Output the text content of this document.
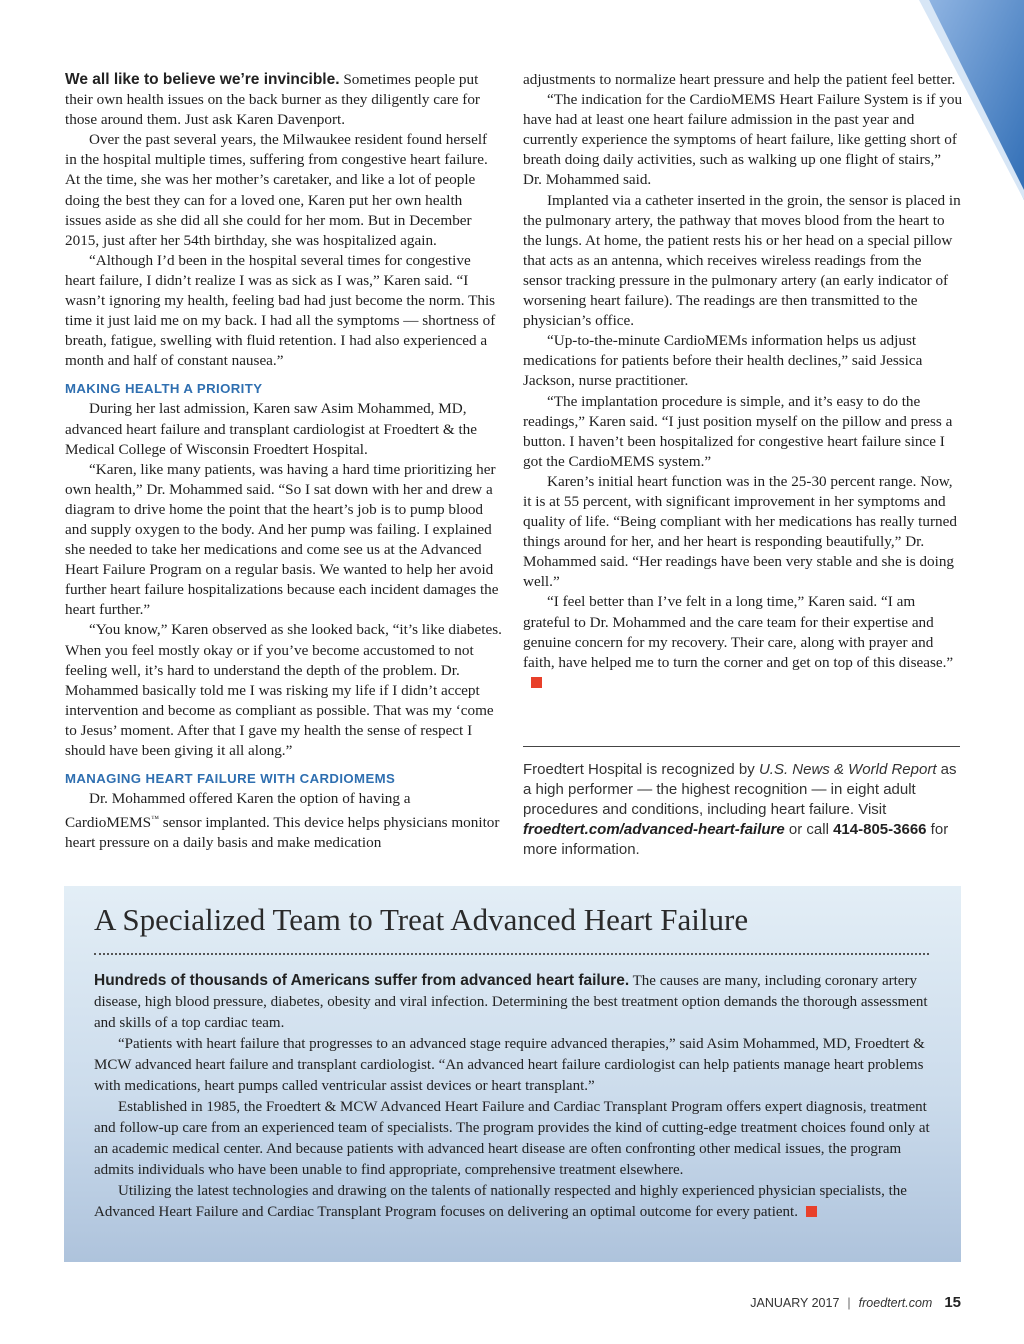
We all like to believe we’re invincible. Sometimes people put their own health issues on the back burner as they diligently care for those around them. Just ask Karen Davenport.

Over the past several years, the Milwaukee resident found herself in the hospital multiple times, suffering from congestive heart failure. At the time, she was her mother’s caretaker, and like a lot of people doing the best they can for a loved one, Karen put her own health issues aside as she did all she could for her mom. But in December 2015, just after her 54th birthday, she was hospitalized again.

“Although I’d been in the hospital several times for congestive heart failure, I didn’t realize I was as sick as I was,” Karen said. “I wasn’t ignoring my health, feeling bad had just become the norm. This time it just laid me on my back. I had all the symptoms — shortness of breath, fatigue, swelling with fluid retention. I had also experienced a month and half of constant nausea.”

MAKING HEALTH A PRIORITY

During her last admission, Karen saw Asim Mohammed, MD, advanced heart failure and transplant cardiologist at Froedtert & the Medical College of Wisconsin Froedtert Hospital.

“Karen, like many patients, was having a hard time prioritizing her own health,” Dr. Mohammed said. “So I sat down with her and drew a diagram to drive home the point that the heart’s job is to pump blood and supply oxygen to the body. And her pump was failing. I explained she needed to take her medications and come see us at the Advanced Heart Failure Program on a regular basis. We wanted to help her avoid further heart failure hospitalizations because each incident damages the heart further.”

“You know,” Karen observed as she looked back, “it’s like diabetes. When you feel mostly okay or if you’ve become accustomed to not feeling well, it’s hard to understand the depth of the problem. Dr. Mohammed basically told me I was risking my life if I didn’t accept intervention and become as compliant as possible. That was my ‘come to Jesus’ moment. After that I gave my health the sense of respect I should have been giving it all along.”

MANAGING HEART FAILURE WITH CARDIOMEMS

Dr. Mohammed offered Karen the option of having a CardioMEMS™ sensor implanted. This device helps physicians monitor heart pressure on a daily basis and make medication

adjustments to normalize heart pressure and help the patient feel better.

“The indication for the CardioMEMS Heart Failure System is if you have had at least one heart failure admission in the past year and currently experience the symptoms of heart failure, like getting short of breath doing daily activities, such as walking up one flight of stairs,” Dr. Mohammed said.

Implanted via a catheter inserted in the groin, the sensor is placed in the pulmonary artery, the pathway that moves blood from the heart to the lungs. At home, the patient rests his or her head on a special pillow that acts as an antenna, which receives wireless readings from the sensor tracking pressure in the pulmonary artery (an early indicator of worsening heart failure). The readings are then transmitted to the physician’s office.

“Up-to-the-minute CardioMEMs information helps us adjust medications for patients before their health declines,” said Jessica Jackson, nurse practitioner.

“The implantation procedure is simple, and it’s easy to do the readings,” Karen said. “I just position myself on the pillow and press a button. I haven’t been hospitalized for congestive heart failure since I got the CardioMEMS system.”

Karen’s initial heart function was in the 25-30 percent range. Now, it is at 55 percent, with significant improvement in her symptoms and quality of life. “Being compliant with her medications has really turned things around for her, and her heart is responding beautifully,” Dr. Mohammed said. “Her readings have been very stable and she is doing well.”

“I feel better than I’ve felt in a long time,” Karen said. “I am grateful to Dr. Mohammed and the care team for their expertise and genuine concern for my recovery. Their care, along with prayer and faith, have helped me to turn the corner and get on top of this disease.”

Froedtert Hospital is recognized by U.S. News & World Report as a high performer — the highest recognition — in eight adult procedures and conditions, including heart failure. Visit froedtert.com/advanced-heart-failure or call 414-805-3666 for more information.
A Specialized Team to Treat Advanced Heart Failure

Hundreds of thousands of Americans suffer from advanced heart failure. The causes are many, including coronary artery disease, high blood pressure, diabetes, obesity and viral infection. Determining the best treatment option demands the thorough assessment and skills of a top cardiac team.

“Patients with heart failure that progresses to an advanced stage require advanced therapies,” said Asim Mohammed, MD, Froedtert & MCW advanced heart failure and transplant cardiologist. “An advanced heart failure cardiologist can help patients manage heart problems with medications, heart pumps called ventricular assist devices or heart transplant.”

Established in 1985, the Froedtert & MCW Advanced Heart Failure and Cardiac Transplant Program offers expert diagnosis, treatment and follow-up care from an experienced team of specialists. The program provides the kind of cutting-edge treatment choices found only at an academic medical center. And because patients with advanced heart disease are often confronting other medical issues, the program admits individuals who have been unable to find appropriate, comprehensive treatment elsewhere.

Utilizing the latest technologies and drawing on the talents of nationally respected and highly experienced physician specialists, the Advanced Heart Failure and Cardiac Transplant Program focuses on delivering an optimal outcome for every patient.

JANUARY 2017 | froedtert.com 15
